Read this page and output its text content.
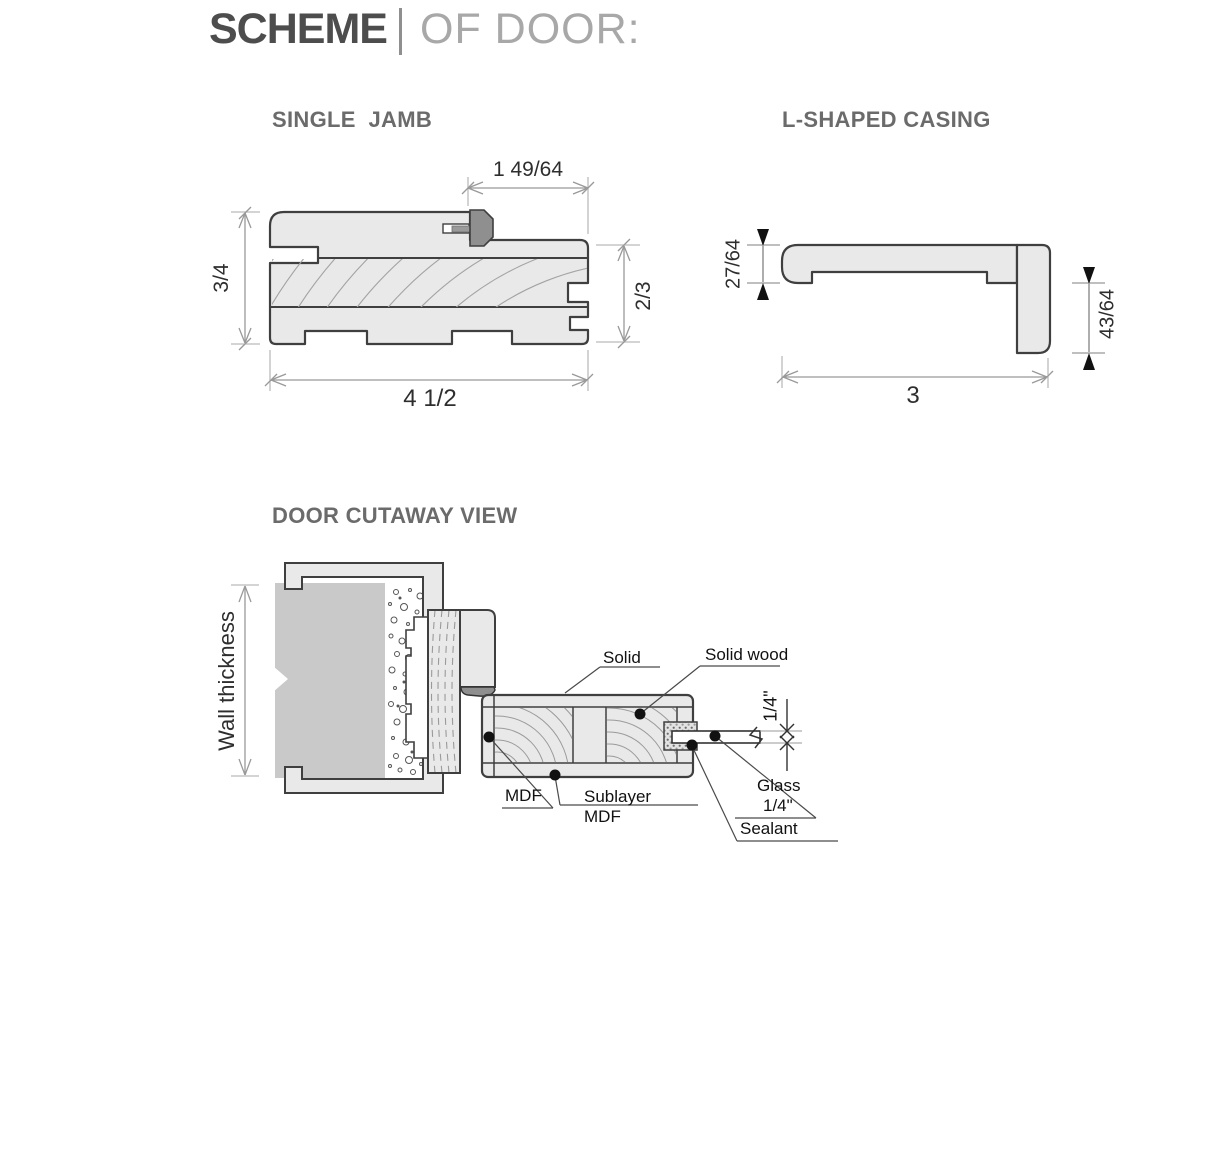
SCHEME OF DOOR:
SINGLE  JAMB	L-SHAPED CASING
DOOR CUTAWAY VIEW
1 49/64
3/4
2/3
4 1/2
27/64
43/64
3
Wall thickness	1/4"
Solid	Solid wood
MDF Sublayer
MDF
Glass
1/4"
Sealant
